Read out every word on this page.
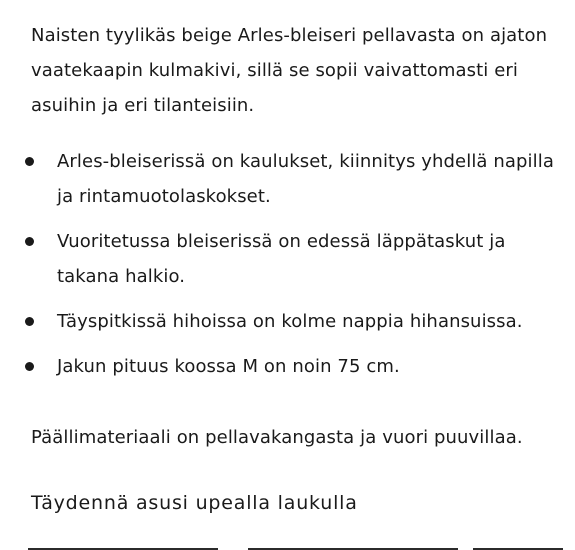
Naisten tyylikäs beige Arles-bleiseri pellavasta on ajaton vaatekaapin kulmakivi, sillä se sopii vaivattomasti eri asuihin ja eri tilanteisiin.

Arles-bleiserissä on kaulukset, kiinnitys yhdellä napilla ja rintamuotolaskokset.
Vuoritetussa bleiserissä on edessä läppätaskut ja takana halkio.
Täyspitkissä hihoissa on kolme nappia hihansuissa.
Jakun pituus koossa M on noin 75 cm.

Päällimateriaali on pellavakangasta ja vuori puuvillaa.

Täydennä asusi upealla laukulla
